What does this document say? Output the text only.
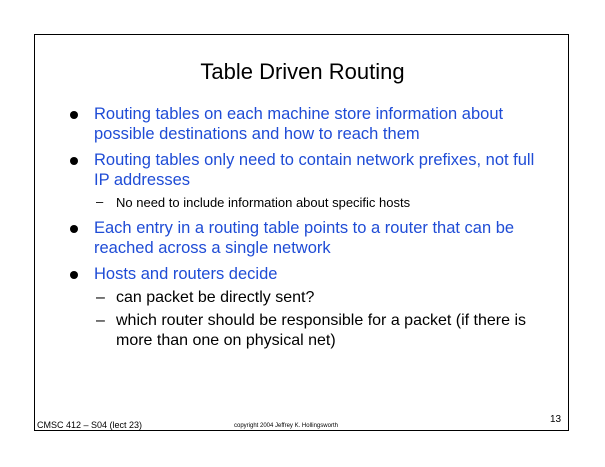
Table Driven Routing
Routing tables on each machine store information about possible destinations and how to reach them
Routing tables only need to contain network prefixes, not full IP addresses
– No need to include information about specific hosts
Each entry in a routing table points to a router that can be reached across a single network
Hosts and routers decide
– can packet be directly sent?
– which router should be responsible for a packet (if there is more than one on physical net)
CMSC 412 – S04 (lect 23)	copyright 2004 Jeffrey K. Hollingsworth
13
